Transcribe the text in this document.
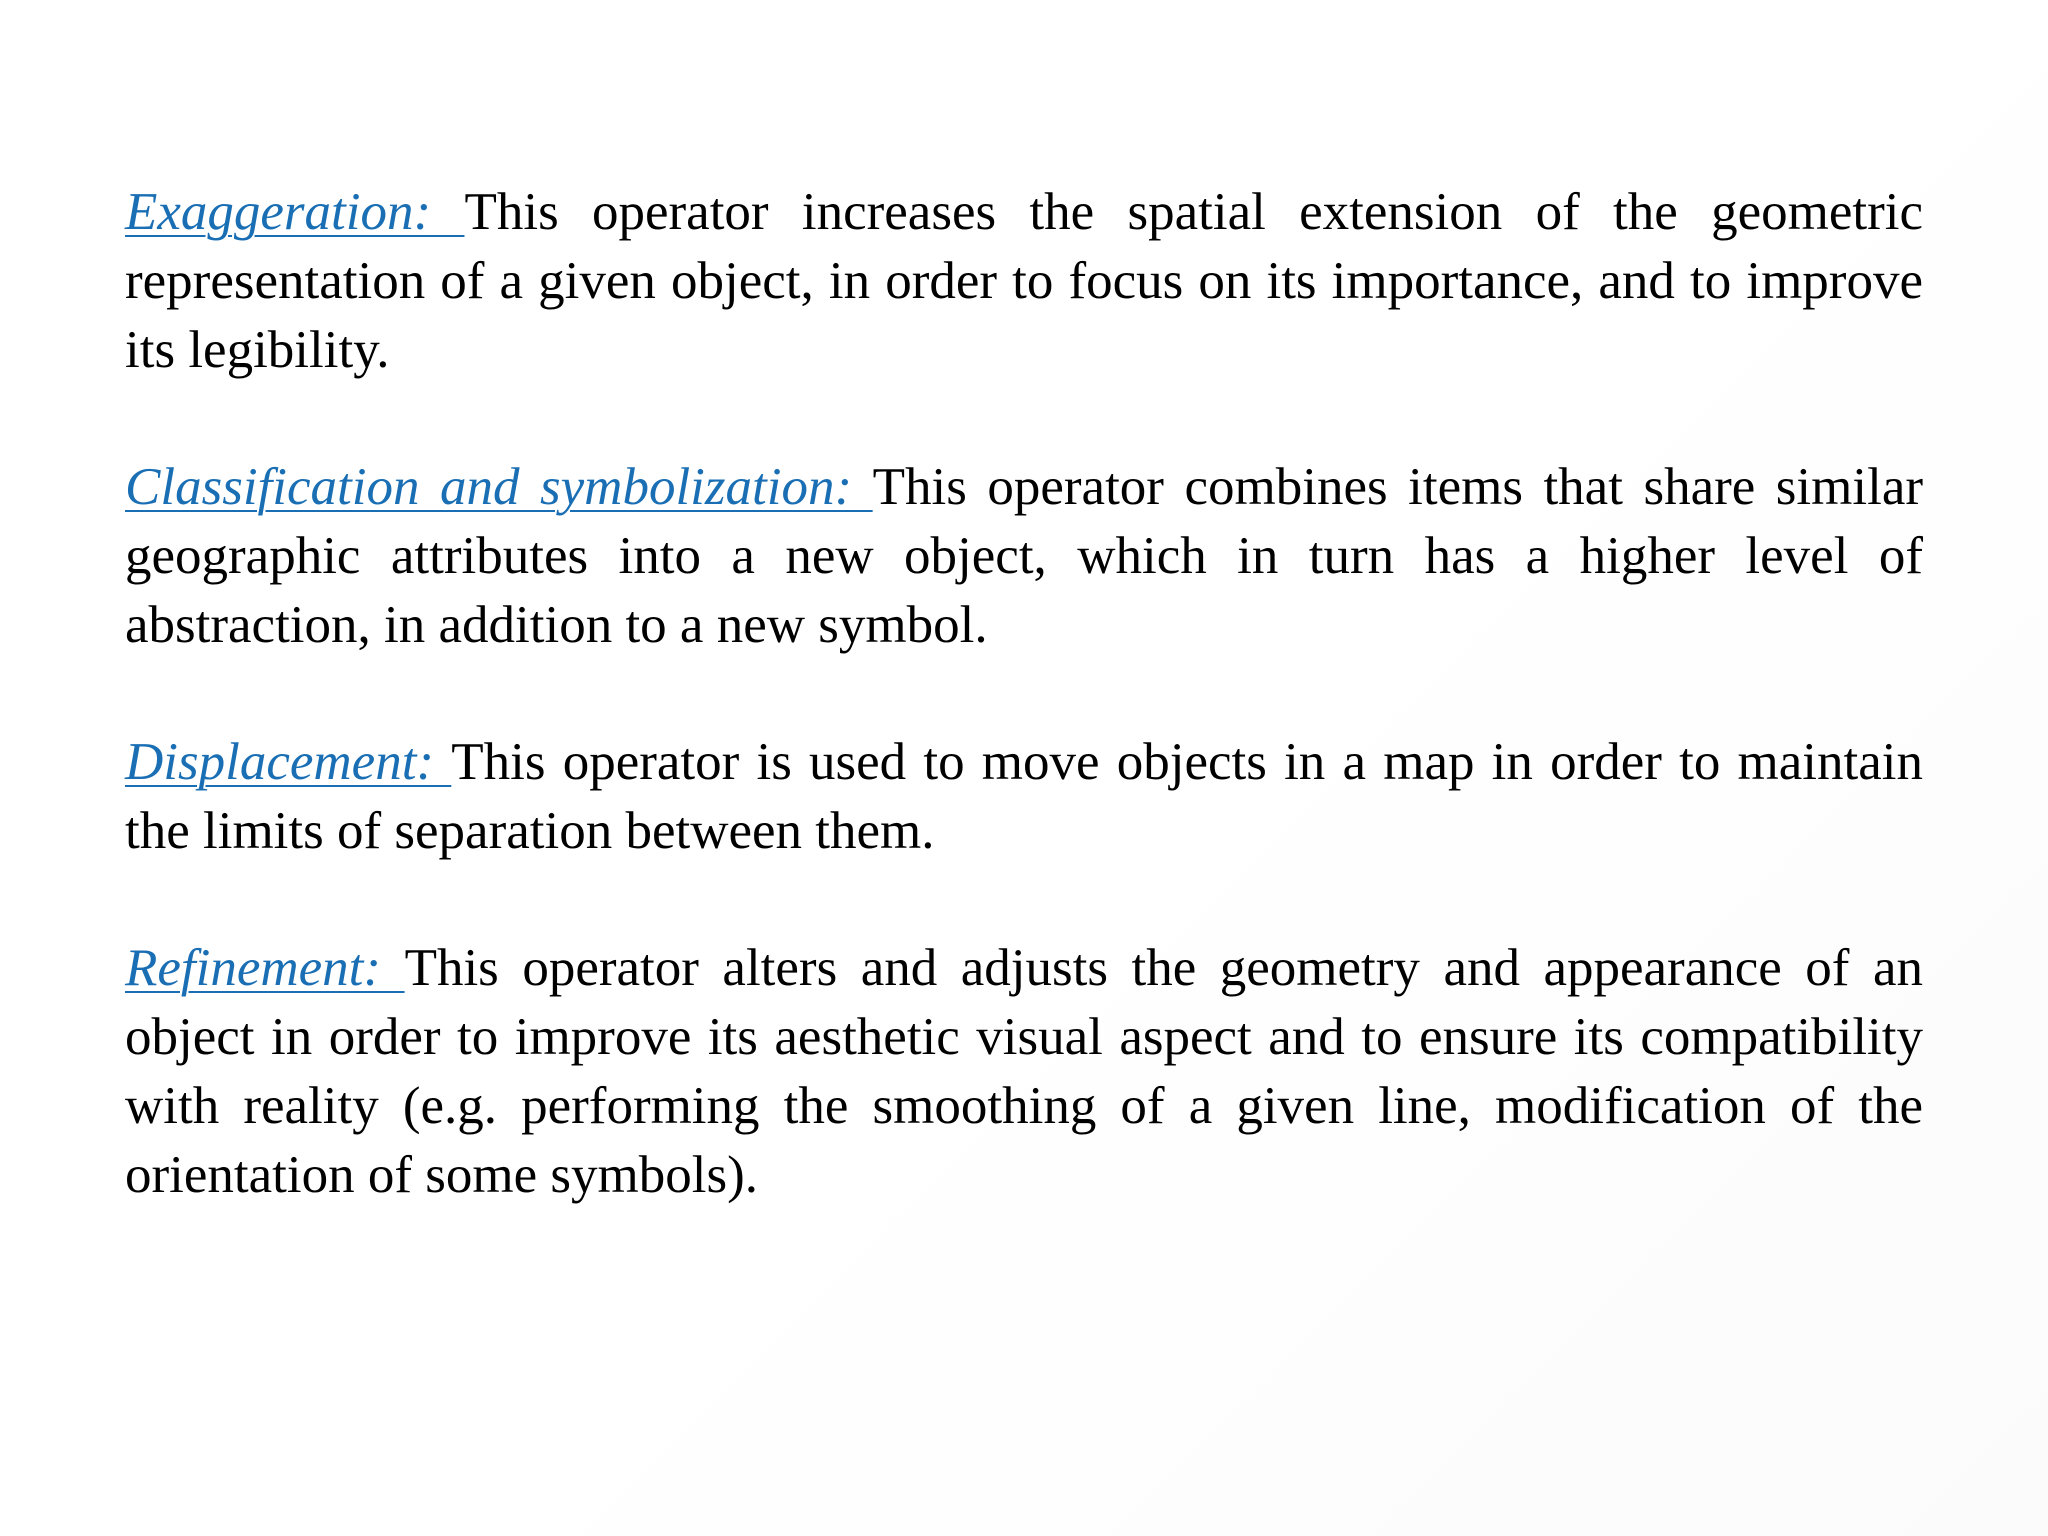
Exaggeration: This operator increases the spatial extension of the geometric representation of a given object, in order to focus on its importance, and to improve its legibility.

Classification and symbolization: This operator combines items that share similar geographic attributes into a new object, which in turn has a higher level of abstraction, in addition to a new symbol.

Displacement: This operator is used to move objects in a map in order to maintain the limits of separation between them.

Refinement: This operator alters and adjusts the geometry and appearance of an object in order to improve its aesthetic visual aspect and to ensure its compatibility with reality (e.g. performing the smoothing of a given line, modification of the orientation of some symbols).
